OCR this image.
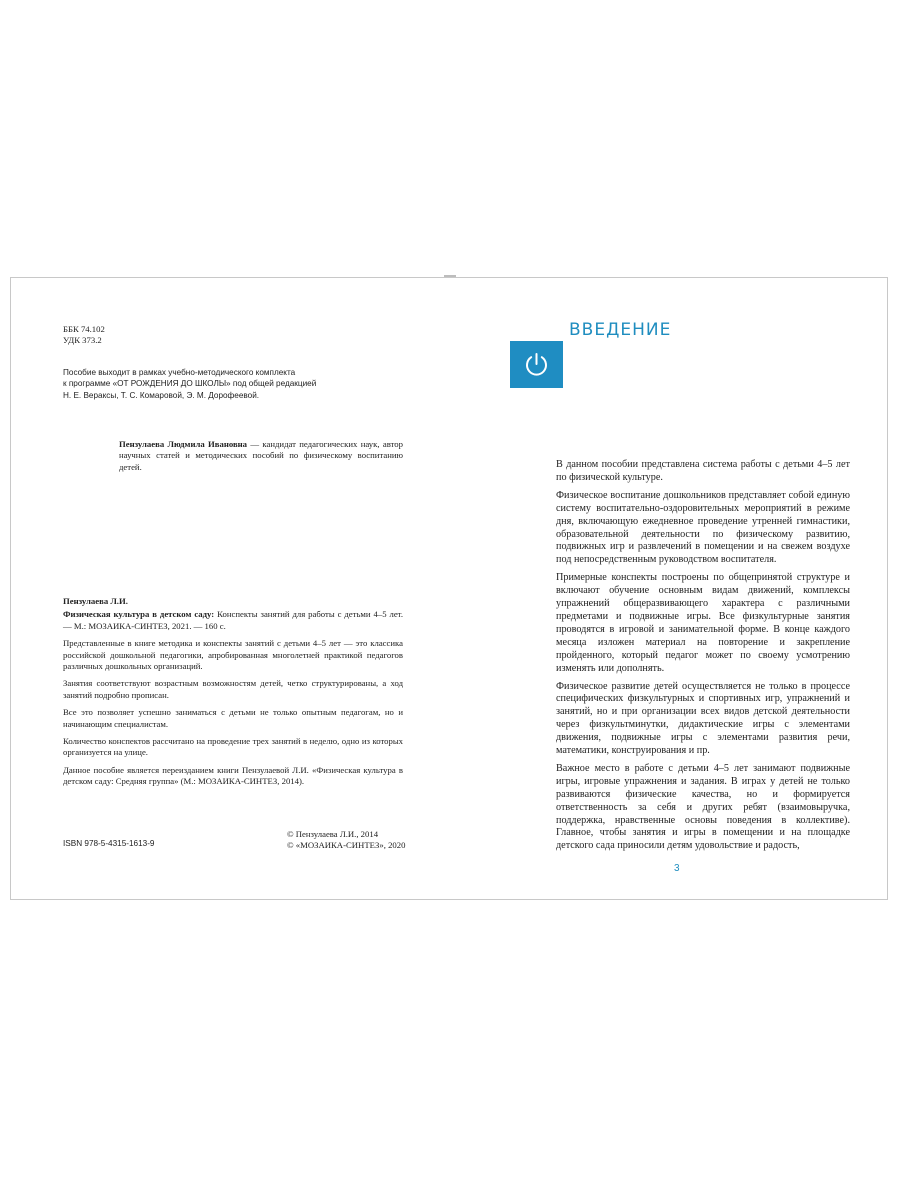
ББК 74.102
УДК 373.2
Пособие выходит в рамках учебно-методического комплекта
к программе «ОТ РОЖДЕНИЯ ДО ШКОЛЫ» под общей редакцией
Н. Е. Вераксы, Т. С. Комаровой, Э. М. Дорофеевой.
Пензулаева Людмила Ивановна — кандидат педагогических наук, автор научных статей и методических пособий по физическому воспитанию детей.

Пензулаева Л.И.

Физическая культура в детском саду: Конспекты занятий для работы с детьми 4–5 лет. — М.: МОЗАИКА-СИНТЕЗ, 2021. — 160 с.

Представленные в книге методика и конспекты занятий с детьми 4–5 лет — это классика российской дошкольной педагогики, апробированная многолетней практикой педагогов различных дошкольных организаций.

Занятия соответствуют возрастным возможностям детей, четко структурированы, а ход занятий подробно прописан.

Все это позволяет успешно заниматься с детьми не только опытным педагогам, но и начинающим специалистам.

Количество конспектов рассчитано на проведение трех занятий в неделю, одно из которых организуется на улице.

Данное пособие является переизданием книги Пензулаевой Л.И. «Физическая культура в детском саду: Средняя группа» (М.: МОЗАИКА-СИНТЕЗ, 2014).

ISBN 978-5-4315-1613-9
© Пензулаева Л.И., 2014
© «МОЗАИКА-СИНТЕЗ», 2020
ВВЕДЕНИЕ

В данном пособии представлена система работы с детьми 4–5 лет по физической культуре.

Физическое воспитание дошкольников представляет собой единую систему воспитательно-оздоровительных мероприятий в режиме дня, включающую ежедневное проведение утренней гимнастики, образовательной деятельности по физическому развитию, подвижных игр и развлечений в помещении и на свежем воздухе под непосредственным руководством воспитателя.

Примерные конспекты построены по общепринятой структуре и включают обучение основным видам движений, комплексы упражнений общеразвивающего характера с различными предметами и подвижные игры. Все физкультурные занятия проводятся в игровой и занимательной форме. В конце каждого месяца изложен материал на повторение и закрепление пройденного, который педагог может по своему усмотрению изменять или дополнять.

Физическое развитие детей осуществляется не только в процессе специфических физкультурных и спортивных игр, упражнений и занятий, но и при организации всех видов детской деятельности через физкультминутки, дидактические игры с элементами движения, подвижные игры с элементами развития речи, математики, конструирования и пр.

Важное место в работе с детьми 4–5 лет занимают подвижные игры, игровые упражнения и задания. В играх у детей не только развиваются физические качества, но и формируется ответственность за себя и других ребят (взаимовыручка, поддержка, нравственные основы поведения в коллективе). Главное, чтобы занятия и игры в помещении и на площадке детского сада приносили детям удовольствие и радость,

3
